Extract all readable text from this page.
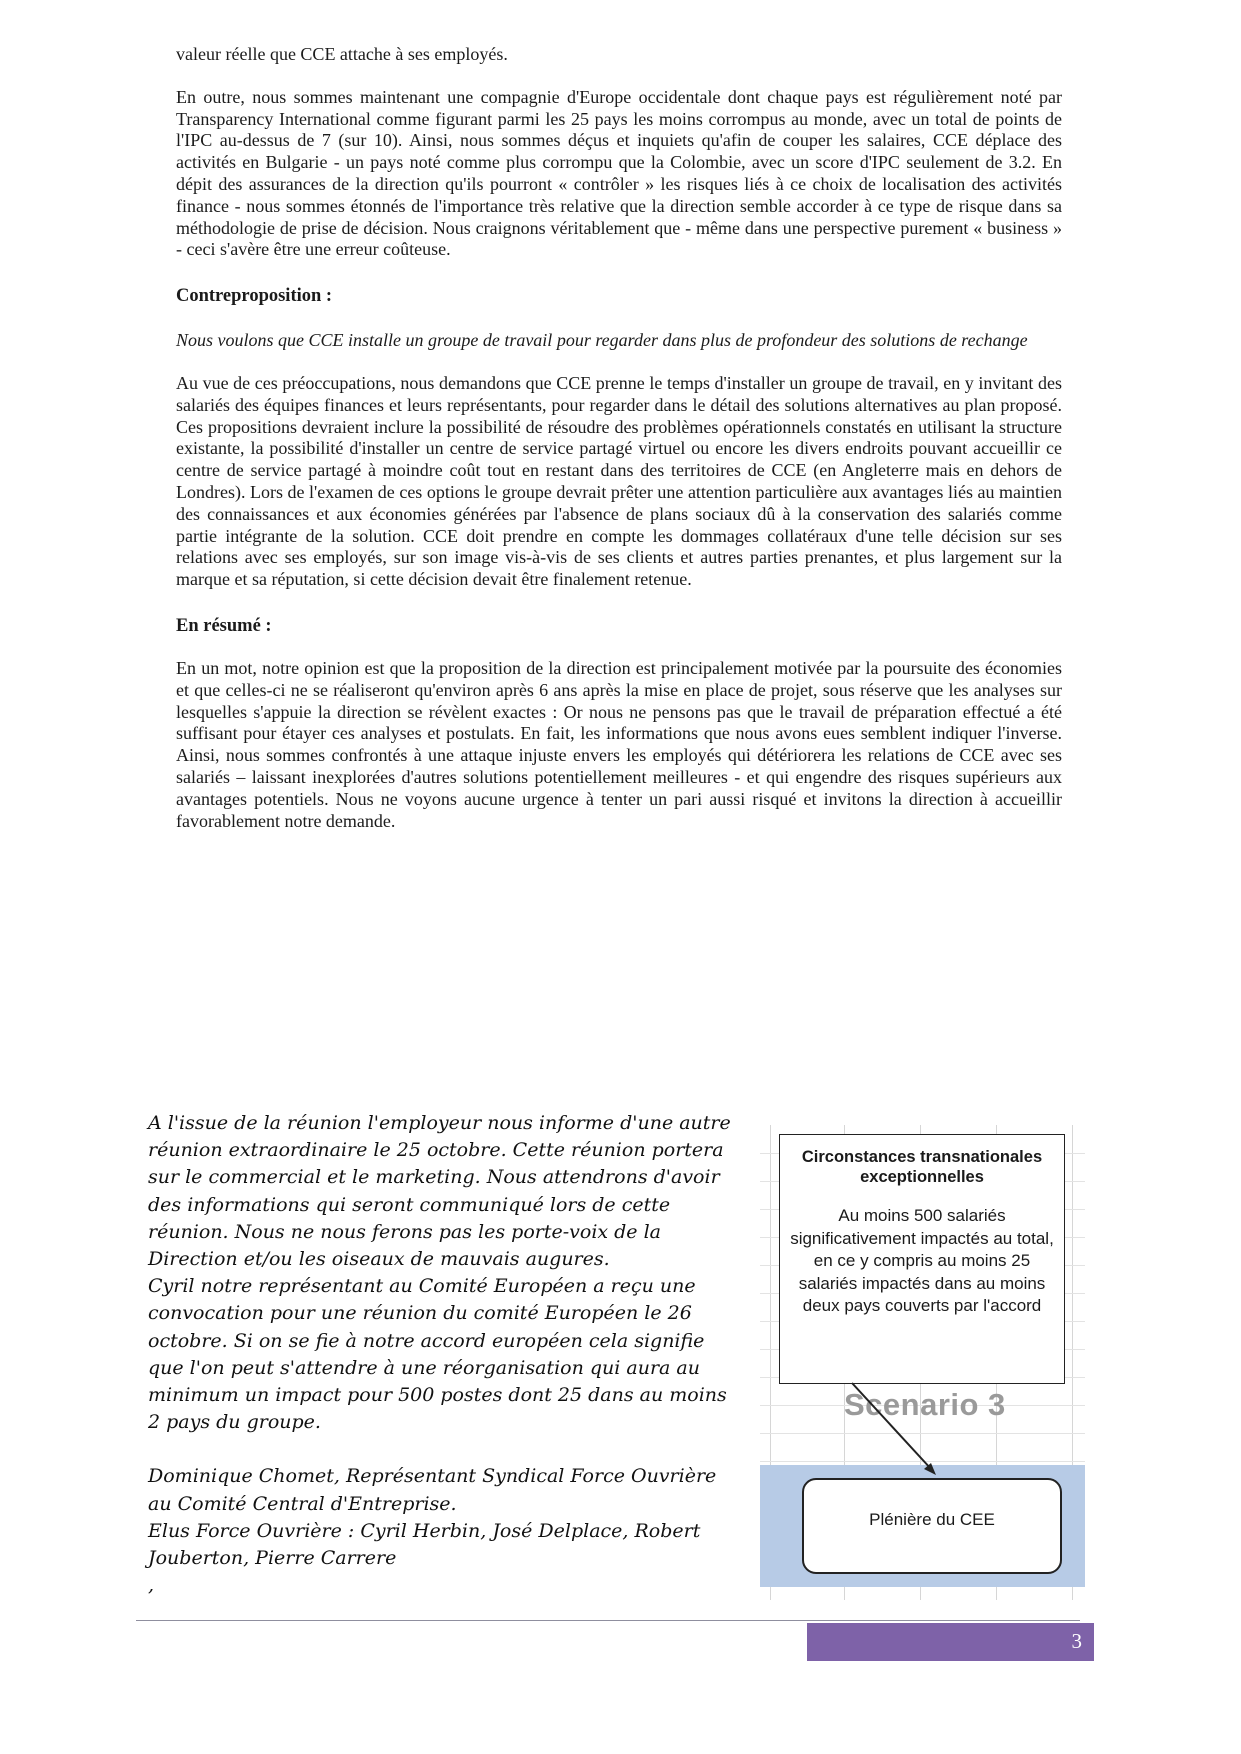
valeur réelle que CCE attache à ses employés.

En outre, nous sommes maintenant une compagnie d'Europe occidentale dont chaque pays est régulièrement noté par Transparency International comme figurant parmi les 25 pays les moins corrompus au monde, avec un total de points de l'IPC au-dessus de 7 (sur 10). Ainsi, nous sommes déçus et inquiets qu'afin de couper les salaires, CCE déplace des activités en Bulgarie - un pays noté comme plus corrompu que la Colombie, avec un score d'IPC seulement de 3.2. En dépit des assurances de la direction qu'ils pourront « contrôler » les risques liés à ce choix de localisation des activités finance - nous sommes étonnés de l'importance très relative que la direction semble accorder à ce type de risque dans sa méthodologie de prise de décision. Nous craignons véritablement que - même dans une perspective purement « business » - ceci s'avère être une erreur coûteuse.

Contreproposition :

Nous voulons que CCE installe un groupe de travail pour regarder dans plus de profondeur des solutions de rechange

Au vue de ces préoccupations, nous demandons que CCE prenne le temps d'installer un groupe de travail, en y invitant des salariés des équipes finances et leurs représentants, pour regarder dans le détail des solutions alternatives au plan proposé. Ces propositions devraient inclure la possibilité de résoudre des problèmes opérationnels constatés en utilisant la structure existante, la possibilité d'installer un centre de service partagé virtuel ou encore les divers endroits pouvant accueillir ce centre de service partagé à moindre coût tout en restant dans des territoires de CCE (en Angleterre mais en dehors de Londres). Lors de l'examen de ces options le groupe devrait prêter une attention particulière aux avantages liés au maintien des connaissances et aux économies générées par l'absence de plans sociaux dû à la conservation des salariés comme partie intégrante de la solution. CCE doit prendre en compte les dommages collatéraux d'une telle décision sur ses relations avec ses employés, sur son image vis-à-vis de ses clients et autres parties prenantes, et plus largement sur la marque et sa réputation, si cette décision devait être finalement retenue.

En résumé :

En un mot, notre opinion est que la proposition de la direction est principalement motivée par la poursuite des économies et que celles-ci ne se réaliseront qu'environ après 6 ans après la mise en place de projet, sous réserve que les analyses sur lesquelles s'appuie la direction se révèlent exactes : Or nous ne pensons pas que le travail de préparation effectué a été suffisant pour étayer ces analyses et postulats. En fait, les informations que nous avons eues semblent indiquer l'inverse. Ainsi, nous sommes confrontés à une attaque injuste envers les employés qui détériorera les relations de CCE avec ses salariés – laissant inexplorées d'autres solutions potentiellement meilleures - et qui engendre des risques supérieurs aux avantages potentiels. Nous ne voyons aucune urgence à tenter un pari aussi risqué et invitons la direction à accueillir favorablement notre demande.

A l'issue de la réunion l'employeur nous informe d'une autre réunion extraordinaire le 25 octobre. Cette réunion portera sur le commercial et le marketing. Nous attendrons d'avoir des informations qui seront communiqué lors de cette réunion. Nous ne nous ferons pas les porte-voix de la Direction et/ou les oiseaux de mauvais augures.

Cyril notre représentant au Comité Européen a reçu une convocation pour une réunion du comité Européen le 26 octobre. Si on se fie à notre accord européen cela signifie que l'on peut s'attendre à une réorganisation qui aura au minimum un impact pour 500 postes dont 25 dans au moins 2 pays du groupe.

Dominique Chomet, Représentant Syndical Force Ouvrière au Comité Central d'Entreprise.

Elus Force Ouvrière : Cyril Herbin, José Delplace, Robert Jouberton, Pierre Carrere

,

Circonstances transnationales exceptionnelles
Au moins 500 salariés significativement impactés au total, en ce y compris au moins 25 salariés impactés dans au moins deux pays couverts par l'accord
Scenario 3
Plénière du CEE
3
